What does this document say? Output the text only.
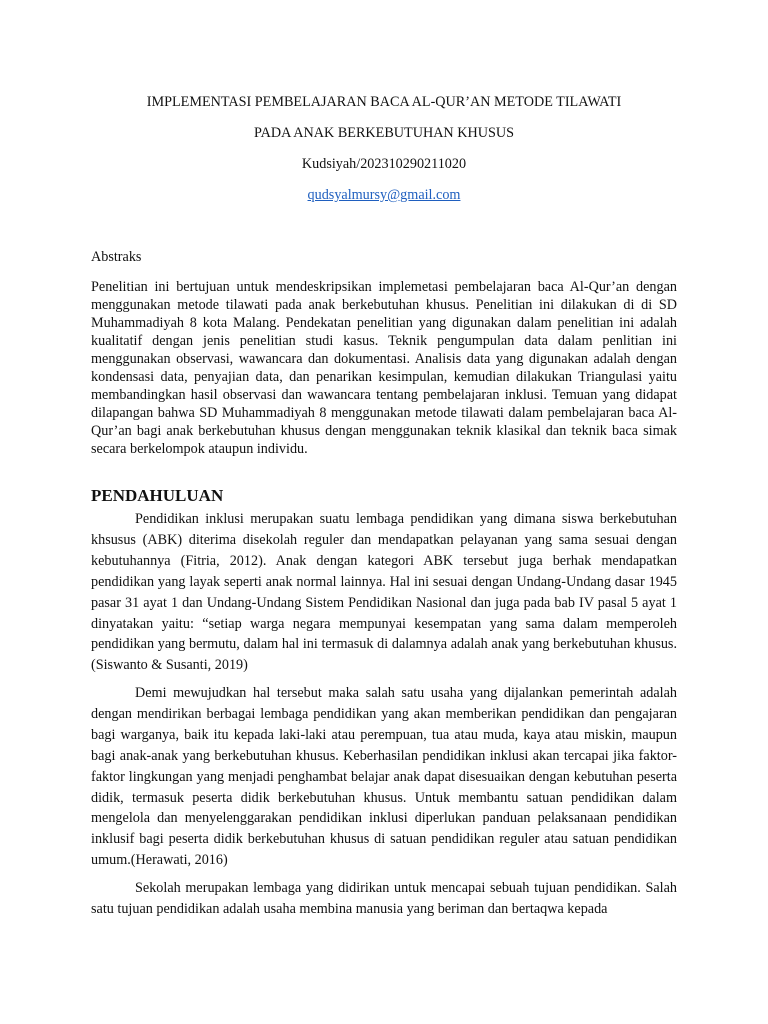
IMPLEMENTASI PEMBELAJARAN BACA AL-QUR’AN METODE TILAWATI
PADA ANAK BERKEBUTUHAN KHUSUS
Kudsiyah/202310290211020
qudsyalmursy@gmail.com
Abstraks

Penelitian ini bertujuan untuk mendeskripsikan implemetasi pembelajaran baca Al-Qur’an dengan menggunakan metode tilawati pada anak berkebutuhan khusus. Penelitian ini dilakukan di di SD Muhammadiyah 8 kota Malang. Pendekatan penelitian yang digunakan dalam penelitian ini adalah kualitatif dengan jenis penelitian studi kasus. Teknik pengumpulan data dalam penlitian ini menggunakan observasi, wawancara dan dokumentasi. Analisis data yang digunakan adalah dengan kondensasi data, penyajian data, dan penarikan kesimpulan, kemudian dilakukan Triangulasi yaitu membandingkan hasil observasi dan wawancara tentang pembelajaran inklusi. Temuan yang didapat dilapangan bahwa SD Muhammadiyah 8 menggunakan metode tilawati dalam pembelajaran baca Al-Qur’an bagi anak berkebutuhan khusus dengan menggunakan teknik klasikal dan teknik baca simak secara berkelompok ataupun individu.

PENDAHULUAN

Pendidikan inklusi merupakan suatu lembaga pendidikan yang dimana siswa berkebutuhan khsusus (ABK) diterima disekolah reguler dan mendapatkan pelayanan yang sama sesuai dengan kebutuhannya (Fitria, 2012). Anak dengan kategori ABK tersebut juga berhak mendapatkan pendidikan yang layak seperti anak normal lainnya. Hal ini sesuai dengan Undang-Undang dasar 1945 pasar 31 ayat 1 dan Undang-Undang Sistem Pendidikan Nasional dan juga pada bab IV pasal 5 ayat 1 dinyatakan yaitu: “setiap warga negara mempunyai kesempatan yang sama dalam memperoleh pendidikan yang bermutu, dalam hal ini termasuk di dalamnya adalah anak yang berkebutuhan khusus.(Siswanto & Susanti, 2019)

Demi mewujudkan hal tersebut maka salah satu usaha yang dijalankan pemerintah adalah dengan mendirikan berbagai lembaga pendidikan yang akan memberikan pendidikan dan pengajaran bagi warganya, baik itu kepada laki-laki atau perempuan, tua atau muda, kaya atau miskin, maupun bagi anak-anak yang berkebutuhan khusus. Keberhasilan pendidikan inklusi akan tercapai jika faktor-faktor lingkungan yang menjadi penghambat belajar anak dapat disesuaikan dengan kebutuhan peserta didik, termasuk peserta didik berkebutuhan khusus. Untuk membantu satuan pendidikan dalam mengelola dan menyelenggarakan pendidikan inklusi diperlukan panduan pelaksanaan pendidikan inklusif bagi peserta didik berkebutuhan khusus di satuan pendidikan reguler atau satuan pendidikan umum.(Herawati, 2016)

Sekolah merupakan lembaga yang didirikan untuk mencapai sebuah tujuan pendidikan. Salah satu tujuan pendidikan adalah usaha membina manusia yang beriman dan bertaqwa kepada
